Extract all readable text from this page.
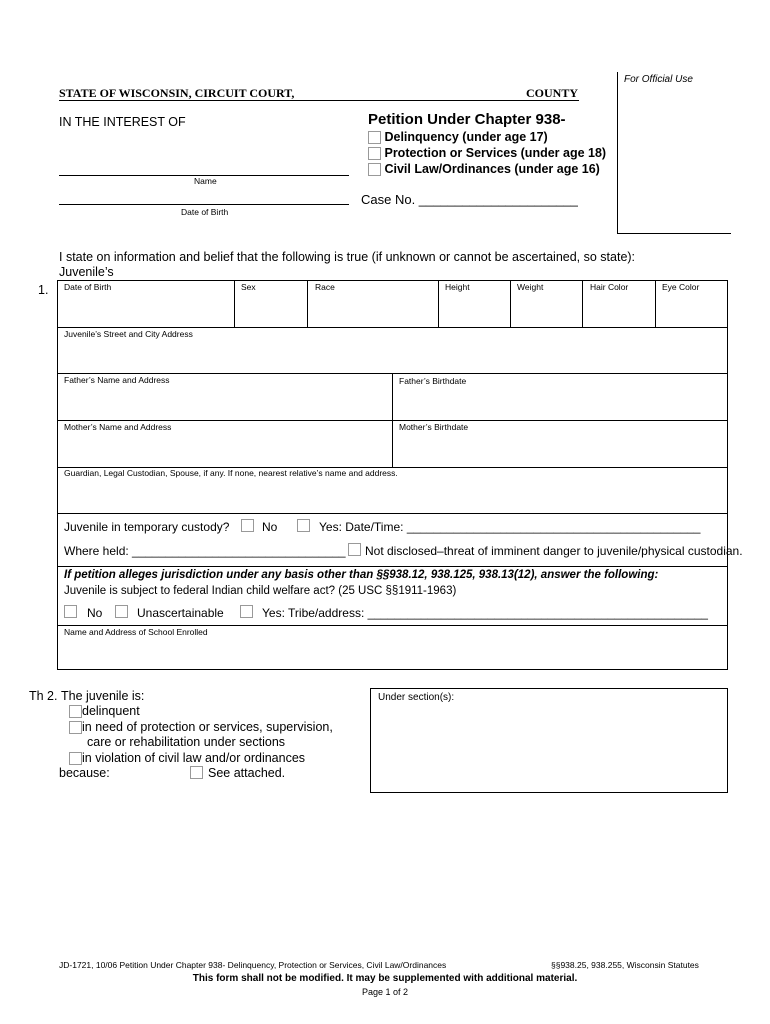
For Official Use
STATE OF WISCONSIN, CIRCUIT COURT,	COUNTY
IN THE INTEREST OF
Name
Date of Birth
Petition Under Chapter 938-
Delinquency (under age 17)
Protection or Services (under age 18)
Civil Law/Ordinances (under age 16)
Case No. ______________________
I state on information and belief that the following is true (if unknown or cannot be ascertained, so state):
Juvenile’s
1. Date of Birth	Sex	Race	Height	Weight	Hair Color	Eye Color
Juvenile’s Street and City Address
Father’s Name and Address	Father’s Birthdate
Mother’s Name and Address	Mother’s Birthdate
Guardian, Legal Custodian, Spouse, if any. If none, nearest relative’s name and address.
Juvenile in temporary custody?	No	Yes: Date/Time: ____________________________________________
Where held: ________________________________ Not disclosed–threat of imminent danger to juvenile/physical custodian.
If petition alleges jurisdiction under any basis other than §§938.12, 938.125, 938.13(12), answer the following:
Juvenile is subject to federal Indian child welfare act? (25 USC §§1911-1963)
No	Unascertainable	Yes: Tribe/address: ___________________________________________________
Name and Address of School Enrolled
Th 2. The juvenile is:
delinquent
in need of protection or services, supervision,
care or rehabilitation under sections
in violation of civil law and/or ordinances
because:	See attached.
Under section(s):
JD-1721, 10/06 Petition Under Chapter 938- Delinquency, Protection or Services, Civil Law/Ordinances	§§938.25, 938.255, Wisconsin Statutes
This form shall not be modified. It may be supplemented with additional material.
Page 1 of 2
